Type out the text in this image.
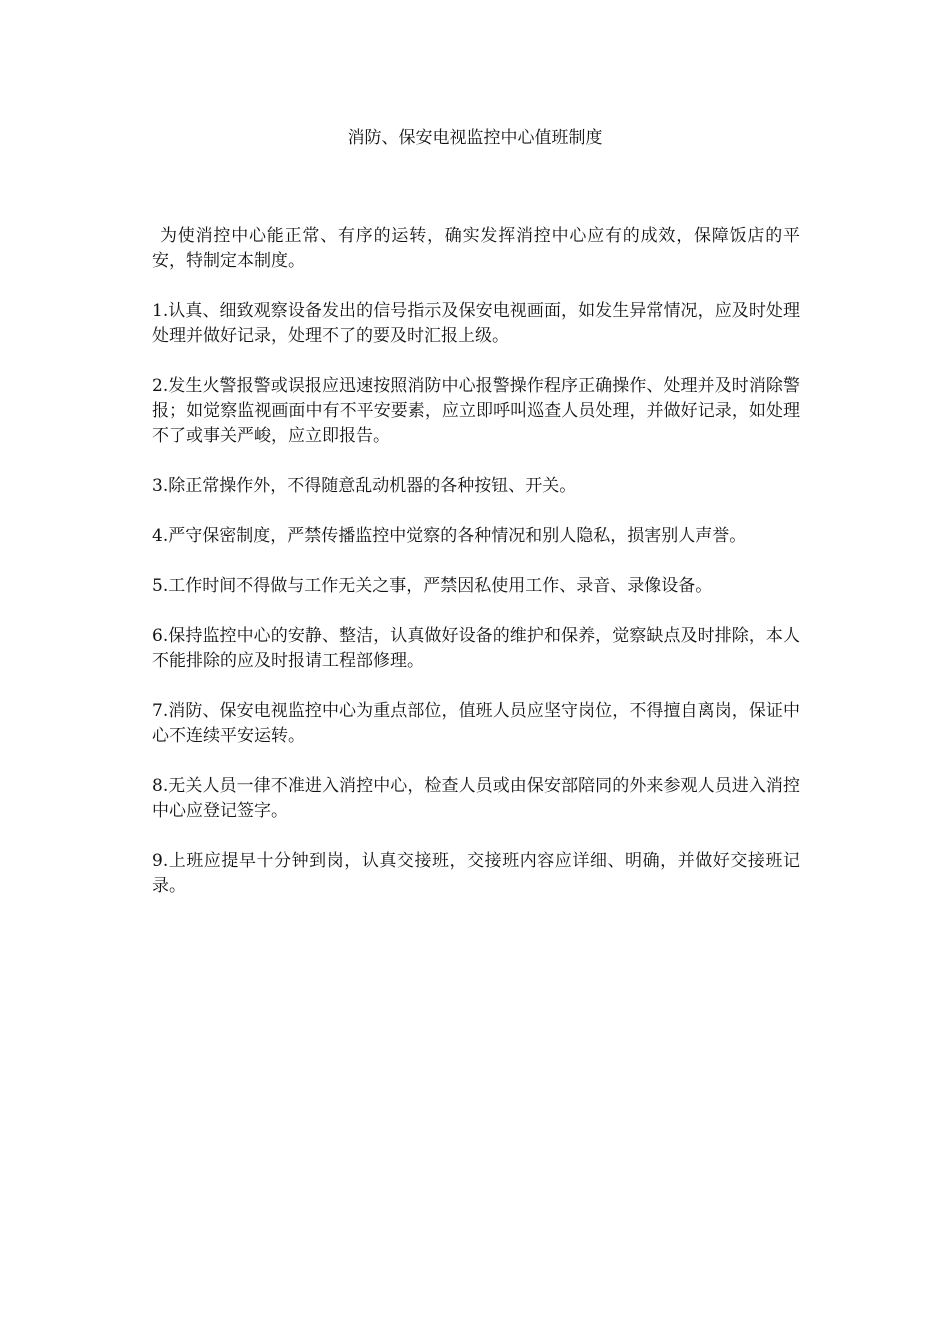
消防、保安电视监控中心值班制度

为使消控中心能正常、有序的运转，确实发挥消控中心应有的成效，保障饭店的平安，特制定本制度。

1.认真、细致观察设备发出的信号指示及保安电视画面，如发生异常情况，应及时处理处理并做好记录，处理不了的要及时汇报上级。

2.发生火警报警或误报应迅速按照消防中心报警操作程序正确操作、处理并及时消除警报；如觉察监视画面中有不平安要素，应立即呼叫巡查人员处理，并做好记录，如处理不了或事关严峻，应立即报告。

3.除正常操作外，不得随意乱动机器的各种按钮、开关。

4.严守保密制度，严禁传播监控中觉察的各种情况和别人隐私，损害别人声誉。

5.工作时间不得做与工作无关之事，严禁因私使用工作、录音、录像设备。

6.保持监控中心的安静、整洁，认真做好设备的维护和保养，觉察缺点及时排除，本人不能排除的应及时报请工程部修理。

7.消防、保安电视监控中心为重点部位，值班人员应坚守岗位，不得擅自离岗，保证中心不连续平安运转。

8.无关人员一律不准进入消控中心，检查人员或由保安部陪同的外来参观人员进入消控中心应登记签字。

9.上班应提早十分钟到岗，认真交接班，交接班内容应详细、明确，并做好交接班记录。
